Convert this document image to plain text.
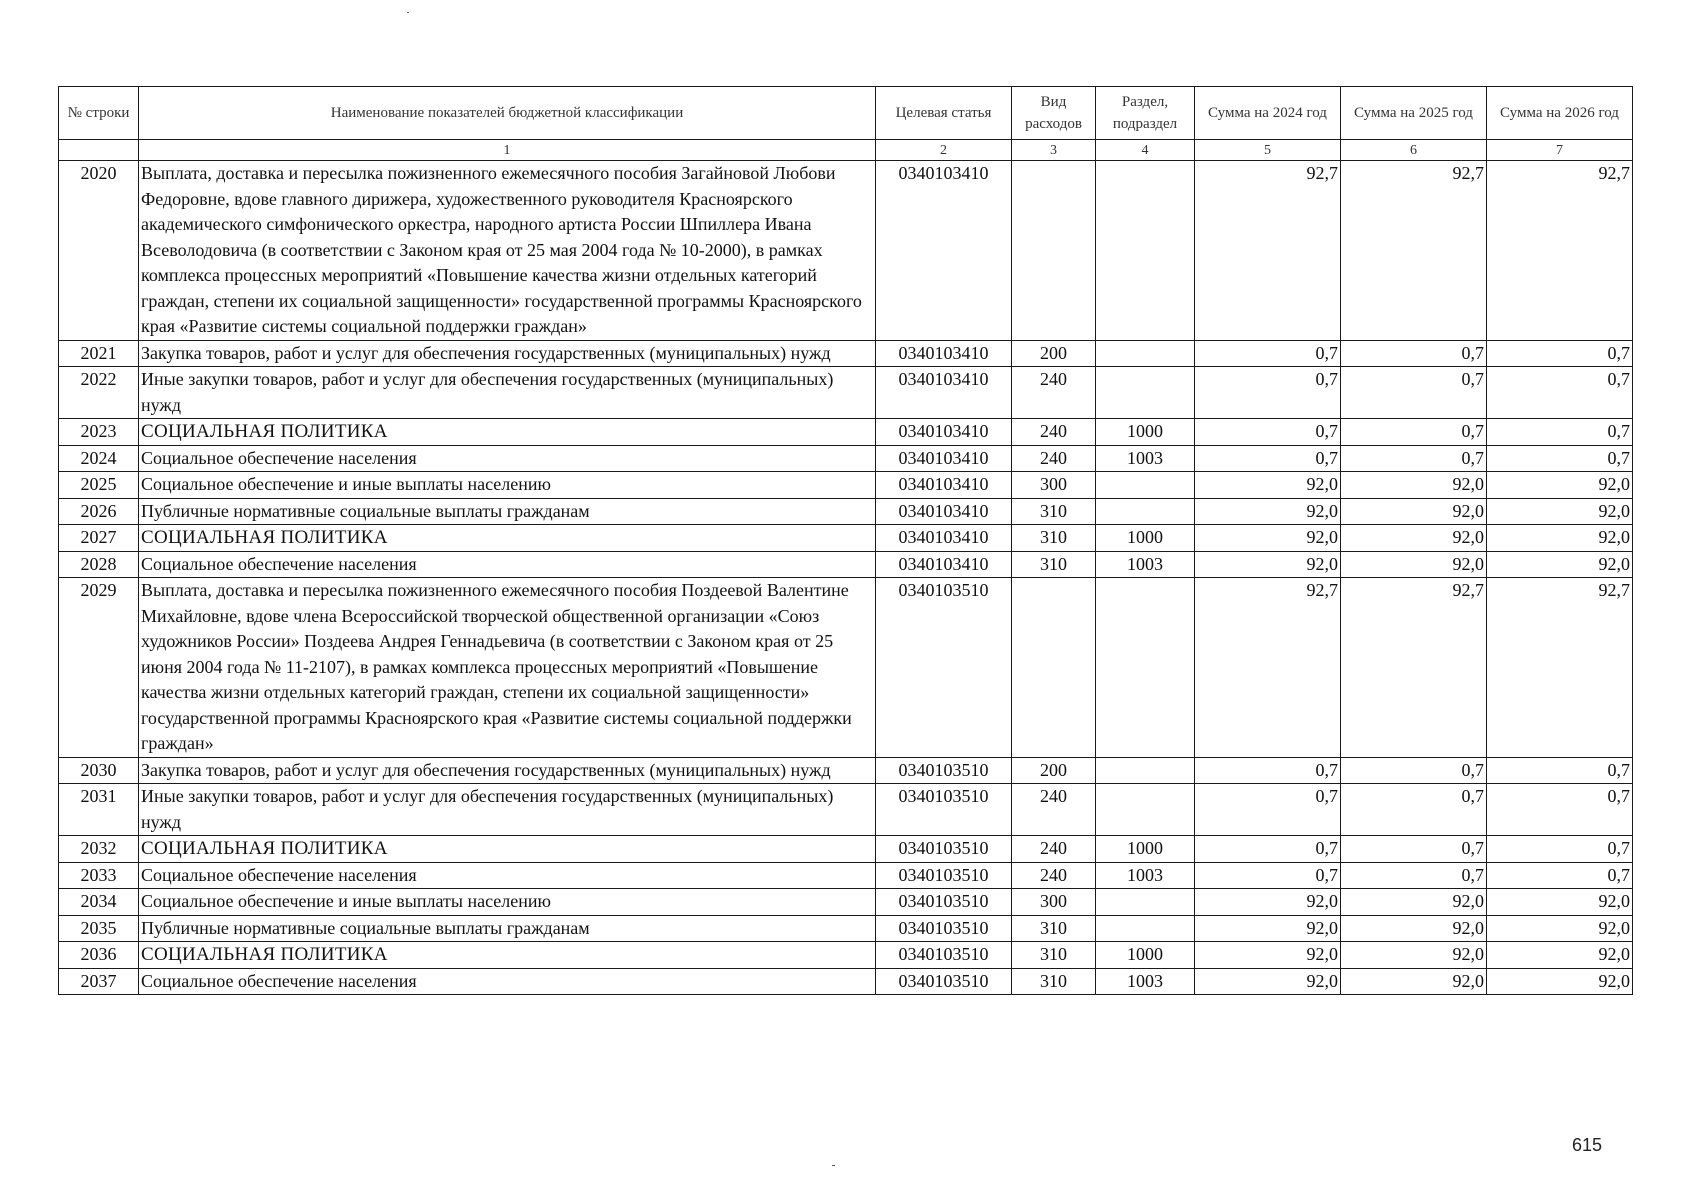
№ строки	Наименование показателей бюджетной классификации	Целевая статья	Вид расходов	Раздел, подраздел	Сумма на 2024 год	Сумма на 2025 год	Сумма на 2026 год
	1	2	3	4	5	6	7
2020	Выплата, доставка и пересылка пожизненного ежемесячного пособия Загайновой Любови Федоровне, вдове главного дирижера, художественного руководителя Красноярского академического симфонического оркестра, народного артиста России Шпиллера Ивана Всеволодовича (в соответствии с Законом края от 25 мая 2004 года № 10-2000), в рамках комплекса процессных мероприятий «Повышение качества жизни отдельных категорий граждан, степени их социальной защищенности» государственной программы Красноярского края «Развитие системы социальной поддержки граждан»	0340103410			92,7	92,7	92,7
2021	Закупка товаров, работ и услуг для обеспечения государственных (муниципальных) нужд	0340103410	200		0,7	0,7	0,7
2022	Иные закупки товаров, работ и услуг для обеспечения государственных (муниципальных) нужд	0340103410	240		0,7	0,7	0,7
2023	СОЦИАЛЬНАЯ ПОЛИТИКА	0340103410	240	1000	0,7	0,7	0,7
2024	Социальное обеспечение населения	0340103410	240	1003	0,7	0,7	0,7
2025	Социальное обеспечение и иные выплаты населению	0340103410	300		92,0	92,0	92,0
2026	Публичные нормативные социальные выплаты гражданам	0340103410	310		92,0	92,0	92,0
2027	СОЦИАЛЬНАЯ ПОЛИТИКА	0340103410	310	1000	92,0	92,0	92,0
2028	Социальное обеспечение населения	0340103410	310	1003	92,0	92,0	92,0
2029	Выплата, доставка и пересылка пожизненного ежемесячного пособия Поздеевой Валентине Михайловне, вдове члена Всероссийской творческой общественной организации «Союз художников России» Поздеева Андрея Геннадьевича (в соответствии с Законом края от 25 июня 2004 года № 11-2107), в рамках комплекса процессных мероприятий «Повышение качества жизни отдельных категорий граждан, степени их социальной защищенности» государственной программы Красноярского края «Развитие системы социальной поддержки граждан»	0340103510			92,7	92,7	92,7
2030	Закупка товаров, работ и услуг для обеспечения государственных (муниципальных) нужд	0340103510	200		0,7	0,7	0,7
2031	Иные закупки товаров, работ и услуг для обеспечения государственных (муниципальных) нужд	0340103510	240		0,7	0,7	0,7
2032	СОЦИАЛЬНАЯ ПОЛИТИКА	0340103510	240	1000	0,7	0,7	0,7
2033	Социальное обеспечение населения	0340103510	240	1003	0,7	0,7	0,7
2034	Социальное обеспечение и иные выплаты населению	0340103510	300		92,0	92,0	92,0
2035	Публичные нормативные социальные выплаты гражданам	0340103510	310		92,0	92,0	92,0
2036	СОЦИАЛЬНАЯ ПОЛИТИКА	0340103510	310	1000	92,0	92,0	92,0
2037	Социальное обеспечение населения	0340103510	310	1003	92,0	92,0	92,0
615
